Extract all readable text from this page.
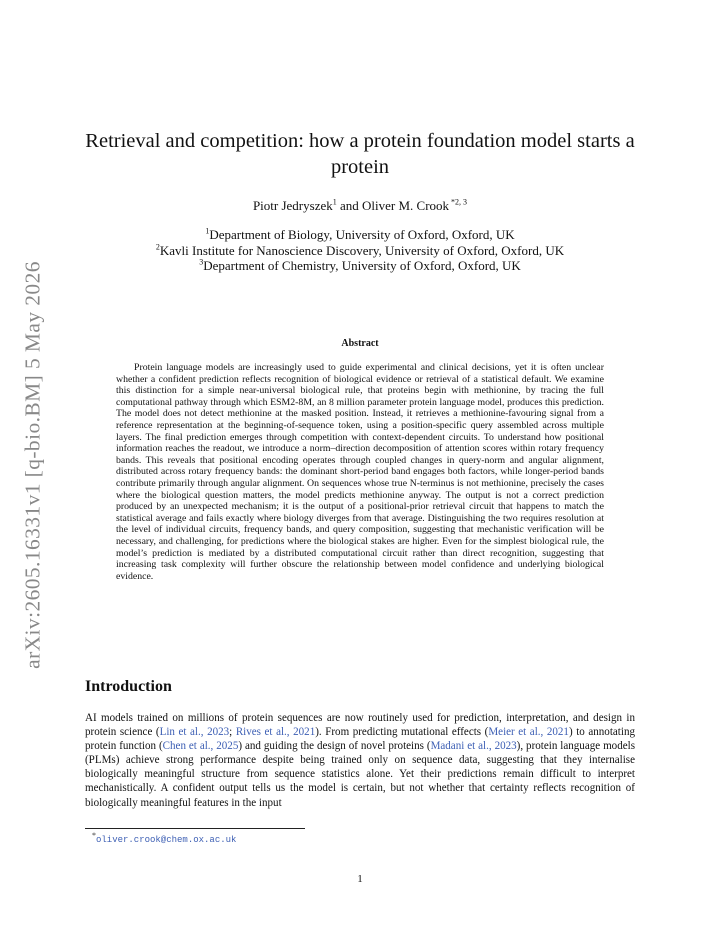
arXiv:2605.16331v1 [q-bio.BM] 5 May 2026
Retrieval and competition: how a protein foundation model starts a protein
Piotr Jedryszek$^1$ and Oliver M. Crook $^{*2, 3}$
$^1$Department of Biology, University of Oxford, Oxford, UK
$^2$Kavli Institute for Nanoscience Discovery, University of Oxford, Oxford, UK
$^3$Department of Chemistry, University of Oxford, Oxford, UK
Abstract
Protein language models are increasingly used to guide experimental and clinical decisions, yet it is often unclear whether a confident prediction reflects recognition of biological evidence or retrieval of a statistical default. We examine this distinction for a simple near-universal biological rule, that proteins begin with methionine, by tracing the full computational pathway through which ESM2-8M, an 8 million parameter protein language model, produces this prediction. The model does not detect methionine at the masked position. Instead, it retrieves a methionine-favouring signal from a reference representation at the beginning-of-sequence token, using a position-specific query assembled across multiple layers. The final prediction emerges through competition with context-dependent circuits. To understand how positional information reaches the readout, we introduce a norm–direction decomposition of attention scores within rotary frequency bands. This reveals that positional encoding operates through coupled changes in query-norm and angular alignment, distributed across rotary frequency bands: the dominant short-period band engages both factors, while longer-period bands contribute primarily through angular alignment. On sequences whose true N-terminus is not methionine, precisely the cases where the biological question matters, the model predicts methionine anyway. The output is not a correct prediction produced by an unexpected mechanism; it is the output of a positional-prior retrieval circuit that happens to match the statistical average and fails exactly where biology diverges from that average. Distinguishing the two requires resolution at the level of individual circuits, frequency bands, and query composition, suggesting that mechanistic verification will be necessary, and challenging, for predictions where the biological stakes are higher. Even for the simplest biological rule, the model’s prediction is mediated by a distributed computational circuit rather than direct recognition, suggesting that increasing task complexity will further obscure the relationship between model confidence and underlying biological evidence.
Introduction
AI models trained on millions of protein sequences are now routinely used for prediction, interpretation, and design in protein science (Lin et al., 2023; Rives et al., 2021). From predicting mutational effects (Meier et al., 2021) to annotating protein function (Chen et al., 2025) and guiding the design of novel proteins (Madani et al., 2023), protein language models (PLMs) achieve strong performance despite being trained only on sequence data, suggesting that they internalise biologically meaningful structure from sequence statistics alone. Yet their predictions remain difficult to interpret mechanistically. A confident output tells us the model is certain, but not whether that certainty reflects recognition of biologically meaningful features in the input
*oliver.crook@chem.ox.ac.uk
1
